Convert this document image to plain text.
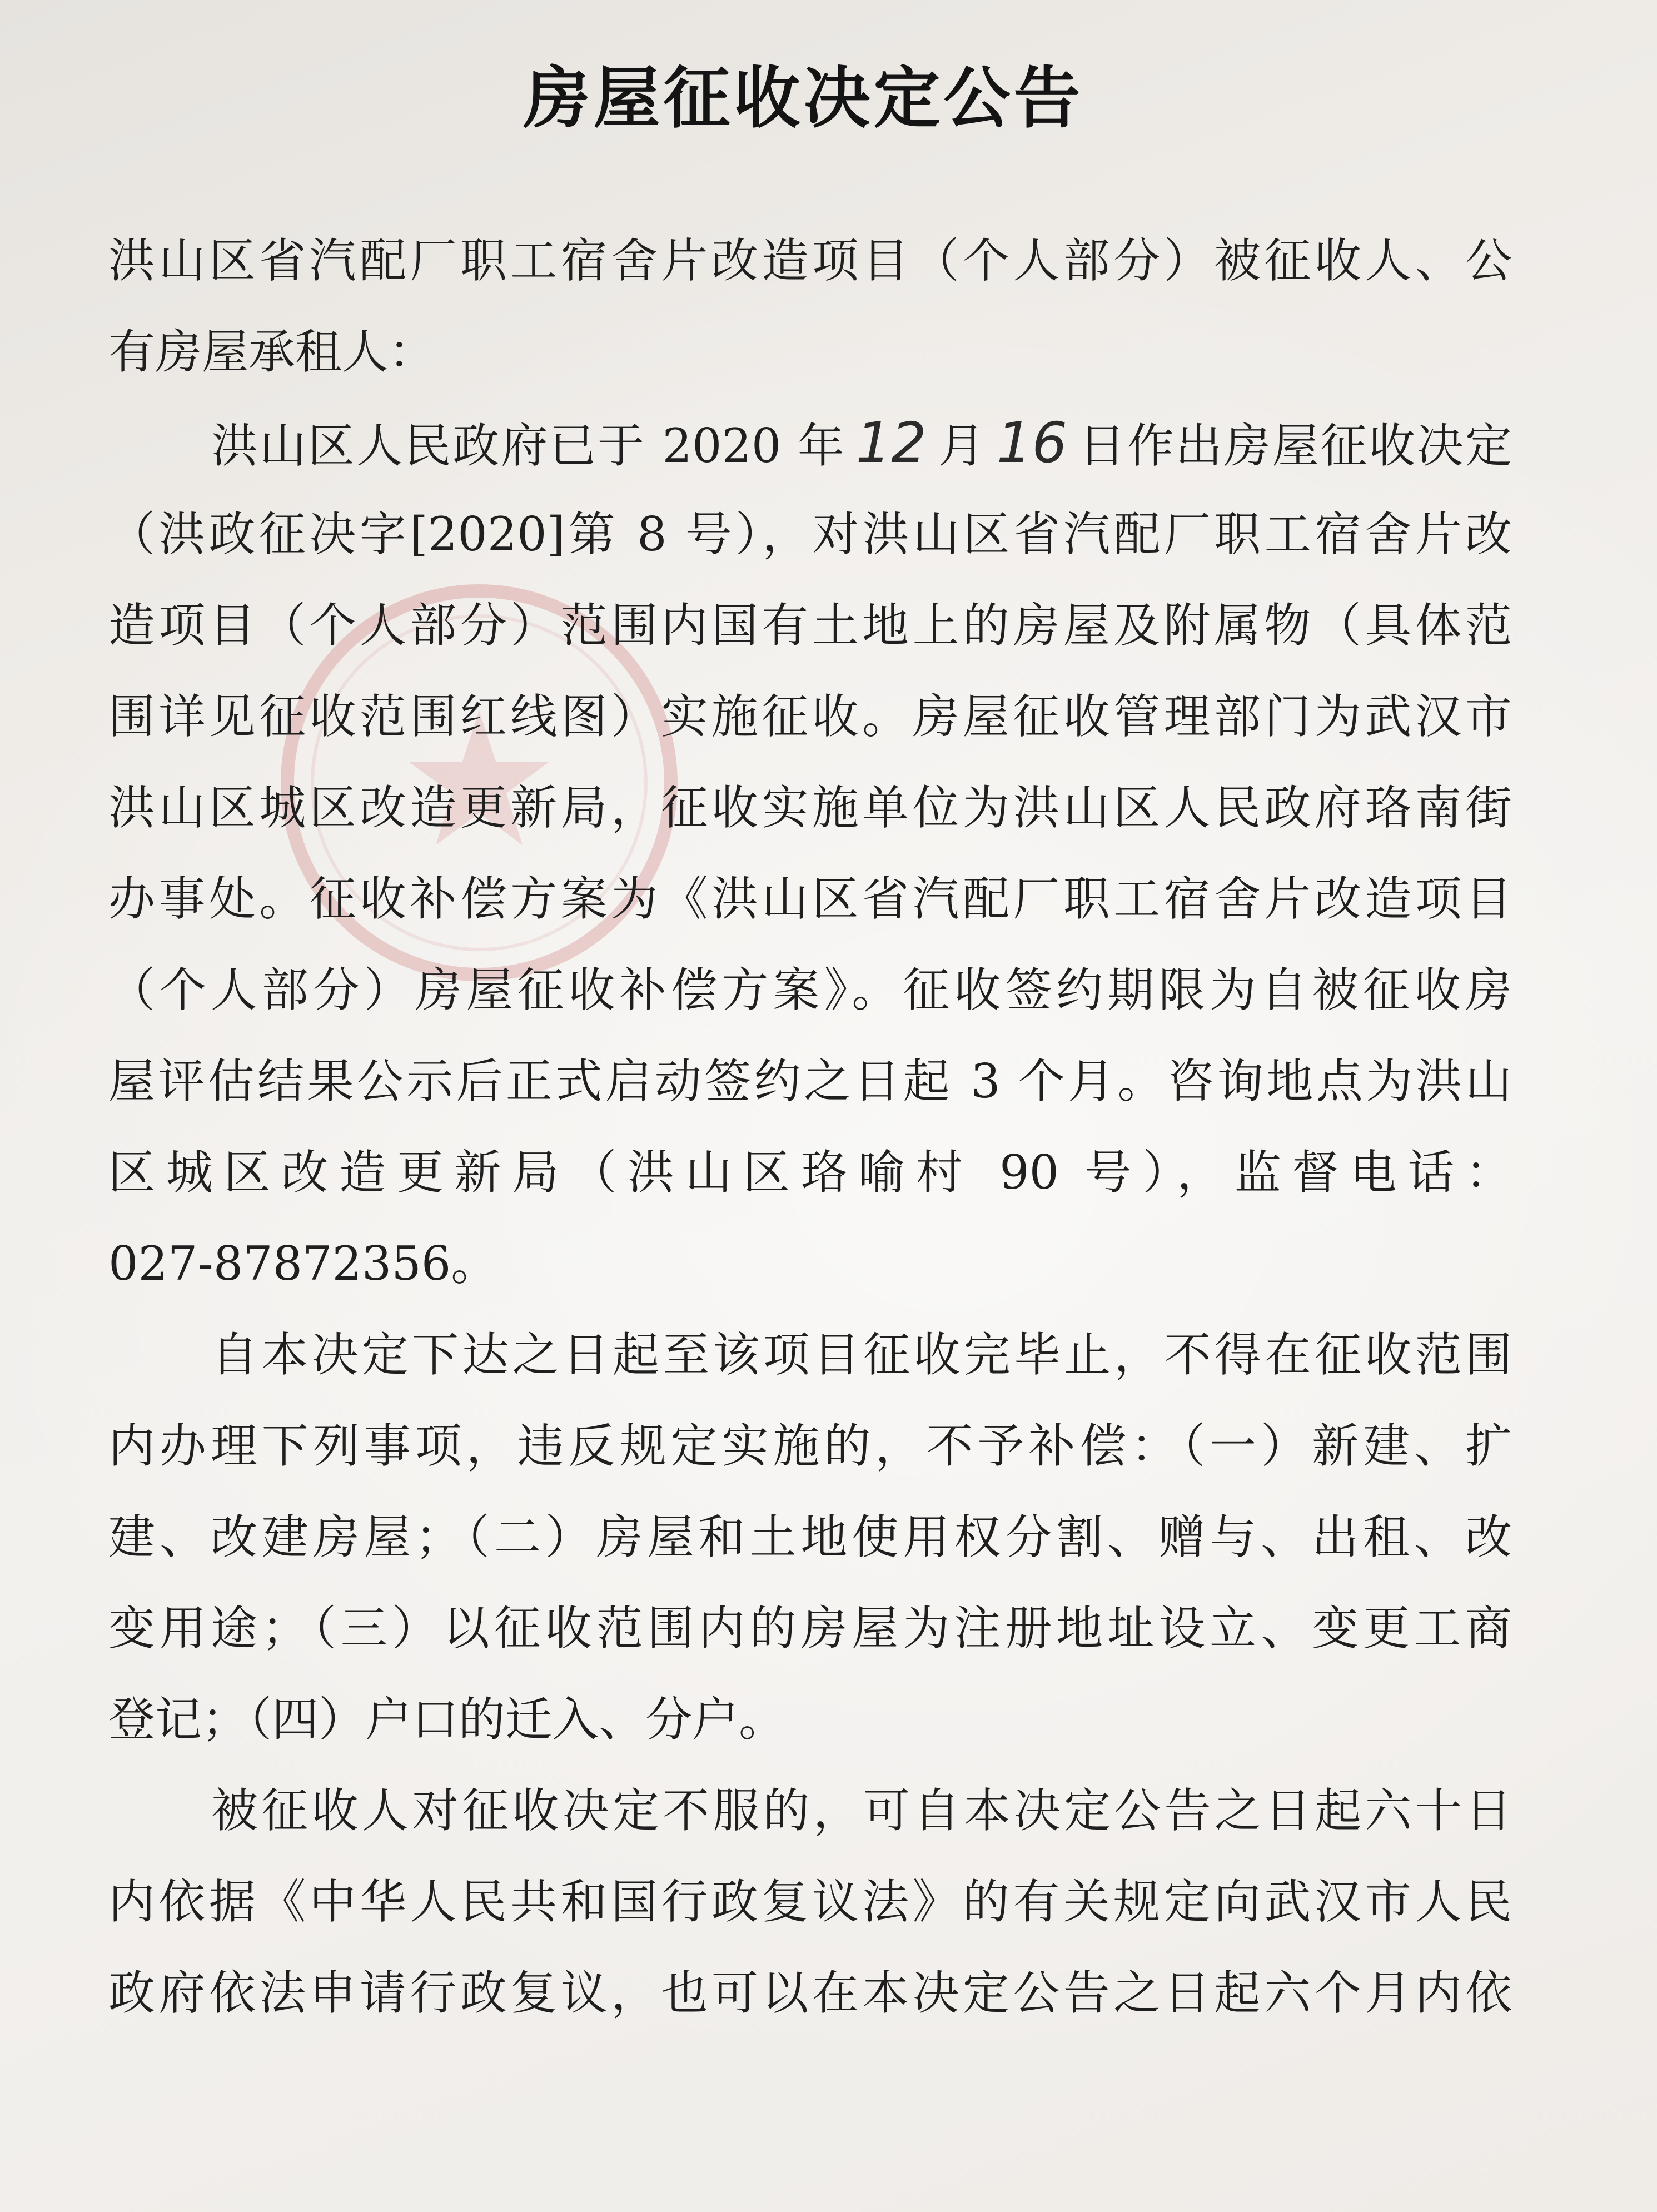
房屋征收决定公告
洪山区省汽配厂职工宿舍片改造项目（个人部分）被征收人、公
有房屋承租人：
洪山区人民政府已于 2020 年 12 月 16 日作出房屋征收决定
（洪政征决字[2020]第 8 号），对洪山区省汽配厂职工宿舍片改
造项目（个人部分）范围内国有土地上的房屋及附属物（具体范
围详见征收范围红线图）实施征收。房屋征收管理部门为武汉市
洪山区城区改造更新局，征收实施单位为洪山区人民政府珞南街
办事处。征收补偿方案为《洪山区省汽配厂职工宿舍片改造项目
（个人部分）房屋征收补偿方案》。征收签约期限为自被征收房
屋评估结果公示后正式启动签约之日起 3 个月。咨询地点为洪山
区城区改造更新局（洪山区珞喻村 90 号），监督电话：
027-87872356。
自本决定下达之日起至该项目征收完毕止，不得在征收范围
内办理下列事项，违反规定实施的，不予补偿：（一）新建、扩
建、改建房屋；（二）房屋和土地使用权分割、赠与、出租、改
变用途；（三）以征收范围内的房屋为注册地址设立、变更工商
登记；（四）户口的迁入、分户。
被征收人对征收决定不服的，可自本决定公告之日起六十日
内依据《中华人民共和国行政复议法》的有关规定向武汉市人民
政府依法申请行政复议，也可以在本决定公告之日起六个月内依
